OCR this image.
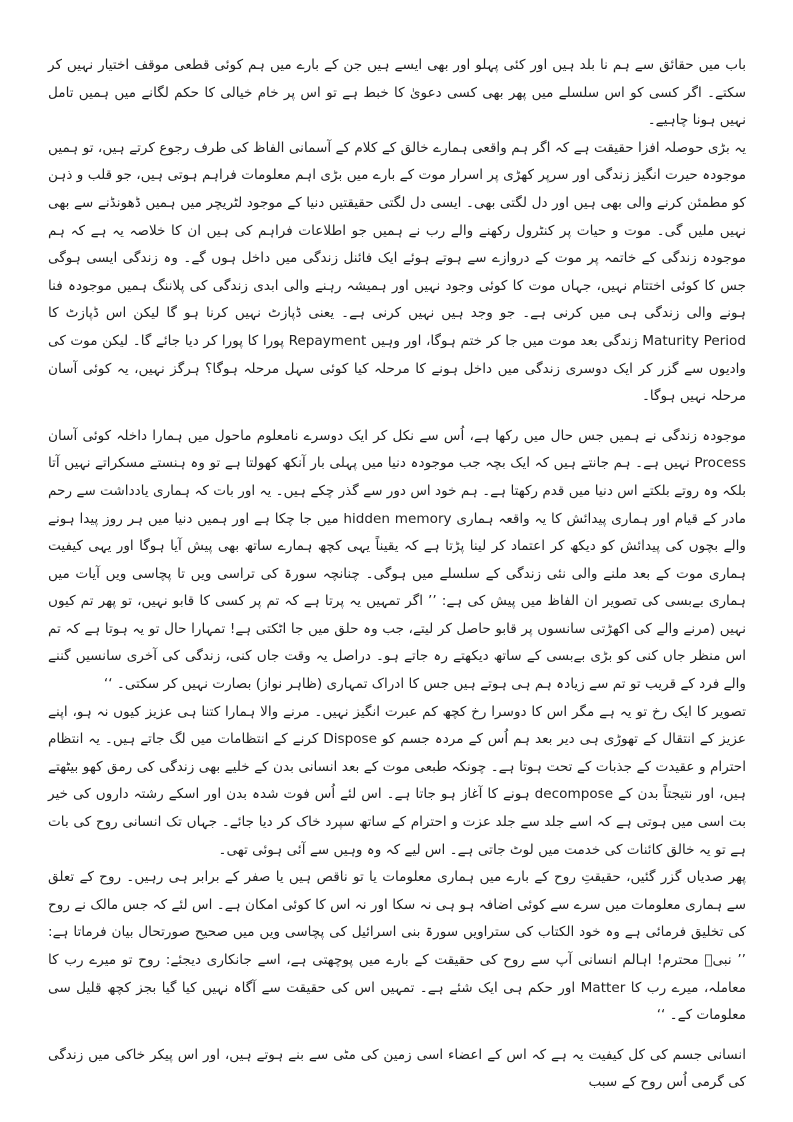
باب میں حقائق سے ہم نا بلد ہیں اور کئی پہلو اور بھی ایسے ہیں جن کے بارے میں ہم کوئی قطعی موقف اختیار نہیں کر سکتے۔ اگر کسی کو اس سلسلے میں پھر بھی کسی دعویٰ کا خبط ہے تو اس پر خام خیالی کا حکم لگانے میں ہمیں تامل نہیں ہونا چاہیے۔

یہ بڑی حوصلہ افزا حقیقت ہے کہ اگر ہم واقعی ہمارے خالق کے کلام کے آسمانی الفاظ کی طرف رجوع کرتے ہیں، تو ہمیں موجودہ حیرت انگیز زندگی اور سرپر کھڑی پر اسرار موت کے بارے میں بڑی اہم معلومات فراہم ہوتی ہیں، جو قلب و ذہن کو مطمئن کرنے والی بھی ہیں اور دل لگتی بھی۔ ایسی دل لگتی حقیقتیں دنیا کے موجود لٹریچر میں ہمیں ڈھونڈنے سے بھی نہیں ملیں گی۔ موت و حیات پر کنٹرول رکھنے والے رب نے ہمیں جو اطلاعات فراہم کی ہیں ان کا خلاصہ یہ ہے کہ ہم موجودہ زندگی کے خاتمہ پر موت کے دروازے سے ہوتے ہوئے ایک فائنل زندگی میں داخل ہوں گے۔ وہ زندگی ایسی ہوگی جس کا کوئی اختتام نہیں، جہاں موت کا کوئی وجود نہیں اور ہمیشہ رہنے والی ابدی زندگی کی پلاننگ ہمیں موجودہ فنا ہونے والی زندگی ہی میں کرنی ہے۔ جو وجد ہیں نہیں کرنی ہے۔ یعنی ڈپازٹ نہیں کرنا ہو گا لیکن اس ڈپازٹ کا Maturity Period زندگی بعد موت میں جا کر ختم ہوگا، اور وہیں Repayment پورا کا پورا کر دیا جائے گا۔ لیکن موت کی وادیوں سے گزر کر ایک دوسری زندگی میں داخل ہونے کا مرحلہ کیا کوئی سہل مرحلہ ہوگا؟ ہرگز نہیں، یہ کوئی آسان مرحلہ نہیں ہوگا۔

موجودہ زندگی نے ہمیں جس حال میں رکھا ہے، اُس سے نکل کر ایک دوسرے نامعلوم ماحول میں ہمارا داخلہ کوئی آسان Process نہیں ہے۔ ہم جانتے ہیں کہ ایک بچہ جب موجودہ دنیا میں پہلی بار آنکھ کھولتا ہے تو وہ ہنستے مسکراتے نہیں آتا بلکہ وہ روتے بلکتے اس دنیا میں قدم رکھتا ہے۔ ہم خود اس دور سے گذر چکے ہیں۔ یہ اور بات کہ ہماری یادداشت سے رحم مادر کے قیام اور ہماری پیدائش کا یہ واقعہ ہماری hidden memory میں جا چکا ہے اور ہمیں دنیا میں ہر روز پیدا ہونے والے بچوں کی پیدائش کو دیکھ کر اعتماد کر لینا پڑتا ہے کہ یقیناً یہی کچھ ہمارے ساتھ بھی پیش آیا ہوگا اور یہی کیفیت ہماری موت کے بعد ملنے والی نئی زندگی کے سلسلے میں ہوگی۔ چنانچہ سورۃ کی تراسی ویں تا پچاسی ویں آیات میں ہماری بےبسی کی تصویر ان الفاظ میں پیش کی ہے: ’’ اگر تمہیں یہ پرتا ہے کہ تم پر کسی کا قابو نہیں، تو پھر تم کیوں نہیں (مرنے والے کی اکھڑتی سانسوں پر قابو حاصل کر لیتے، جب وہ حلق میں جا اٹکتی ہے! تمہارا حال تو یہ ہوتا ہے کہ تم اس منظر جاں کنی کو بڑی بےبسی کے ساتھ دیکھتے رہ جاتے ہو۔ دراصل یہ وقت جاں کنی، زندگی کی آخری سانسیں گننے والے فرد کے قریب تو تم سے زیادہ ہم ہی ہوتے ہیں جس کا ادراک تمہاری (ظاہر نواز) بصارت نہیں کر سکتی۔ ‘‘

تصویر کا ایک رخ تو یہ ہے مگر اس کا دوسرا رخ کچھ کم عبرت انگیز نہیں۔ مرنے والا ہمارا کتنا ہی عزیز کیوں نہ ہو، اپنے عزیز کے انتقال کے تھوڑی ہی دیر بعد ہم اُس کے مردہ جسم کو Dispose کرنے کے انتظامات میں لگ جاتے ہیں۔ یہ انتظام احترام و عقیدت کے جذبات کے تحت ہوتا ہے۔ چونکہ طبعی موت کے بعد انسانی بدن کے خلیے بھی زندگی کی رمق کھو بیٹھتے ہیں، اور نتیجتاً بدن کے decompose ہونے کا آغاز ہو جاتا ہے۔ اس لئے اُس فوت شدہ بدن اور اسکے رشتہ داروں کی خیر بت اسی میں ہوتی ہے کہ اسے جلد سے جلد عزت و احترام کے ساتھ سپرد خاک کر دیا جائے۔ جہاں تک انسانی روح کی بات ہے تو یہ خالق کائنات کی خدمت میں لوٹ جاتی ہے۔ اس لیے کہ وہ وہیں سے آئی ہوئی تھی۔

پھر صدیاں گزر گئیں، حقیقتِ روح کے بارے میں ہماری معلومات یا تو ناقص ہیں یا صفر کے برابر ہی رہیں۔ روح کے تعلق سے ہماری معلومات میں سرے سے کوئی اضافہ ہو ہی نہ سکا اور نہ اس کا کوئی امکان ہے۔ اس لئے کہ جس مالک نے روح کی تخلیق فرمائی ہے وہ خود الکتاب کی ستراویں سورۃ بنی اسرائیل کی پچاسی ویں میں صحیح صورتحال بیان فرماتا ہے: ’’ نبیؐ محترم! اہالم انسانی آپ سے روح کی حقیقت کے بارے میں پوچھتی ہے، اسے جانکاری دیجئے: روح تو میرے رب کا معاملہ، میرے رب کا Matter اور حکم ہی ایک شئے ہے۔ تمہیں اس کی حقیقت سے آگاہ نہیں کیا گیا بجز کچھ قلیل سی معلومات کے۔ ‘‘

انسانی جسم کی کل کیفیت یہ ہے کہ اس کے اعضاء اسی زمین کی مٹی سے بنے ہوتے ہیں، اور اس پیکر خاکی میں زندگی کی گرمی اُس روح کے سبب
